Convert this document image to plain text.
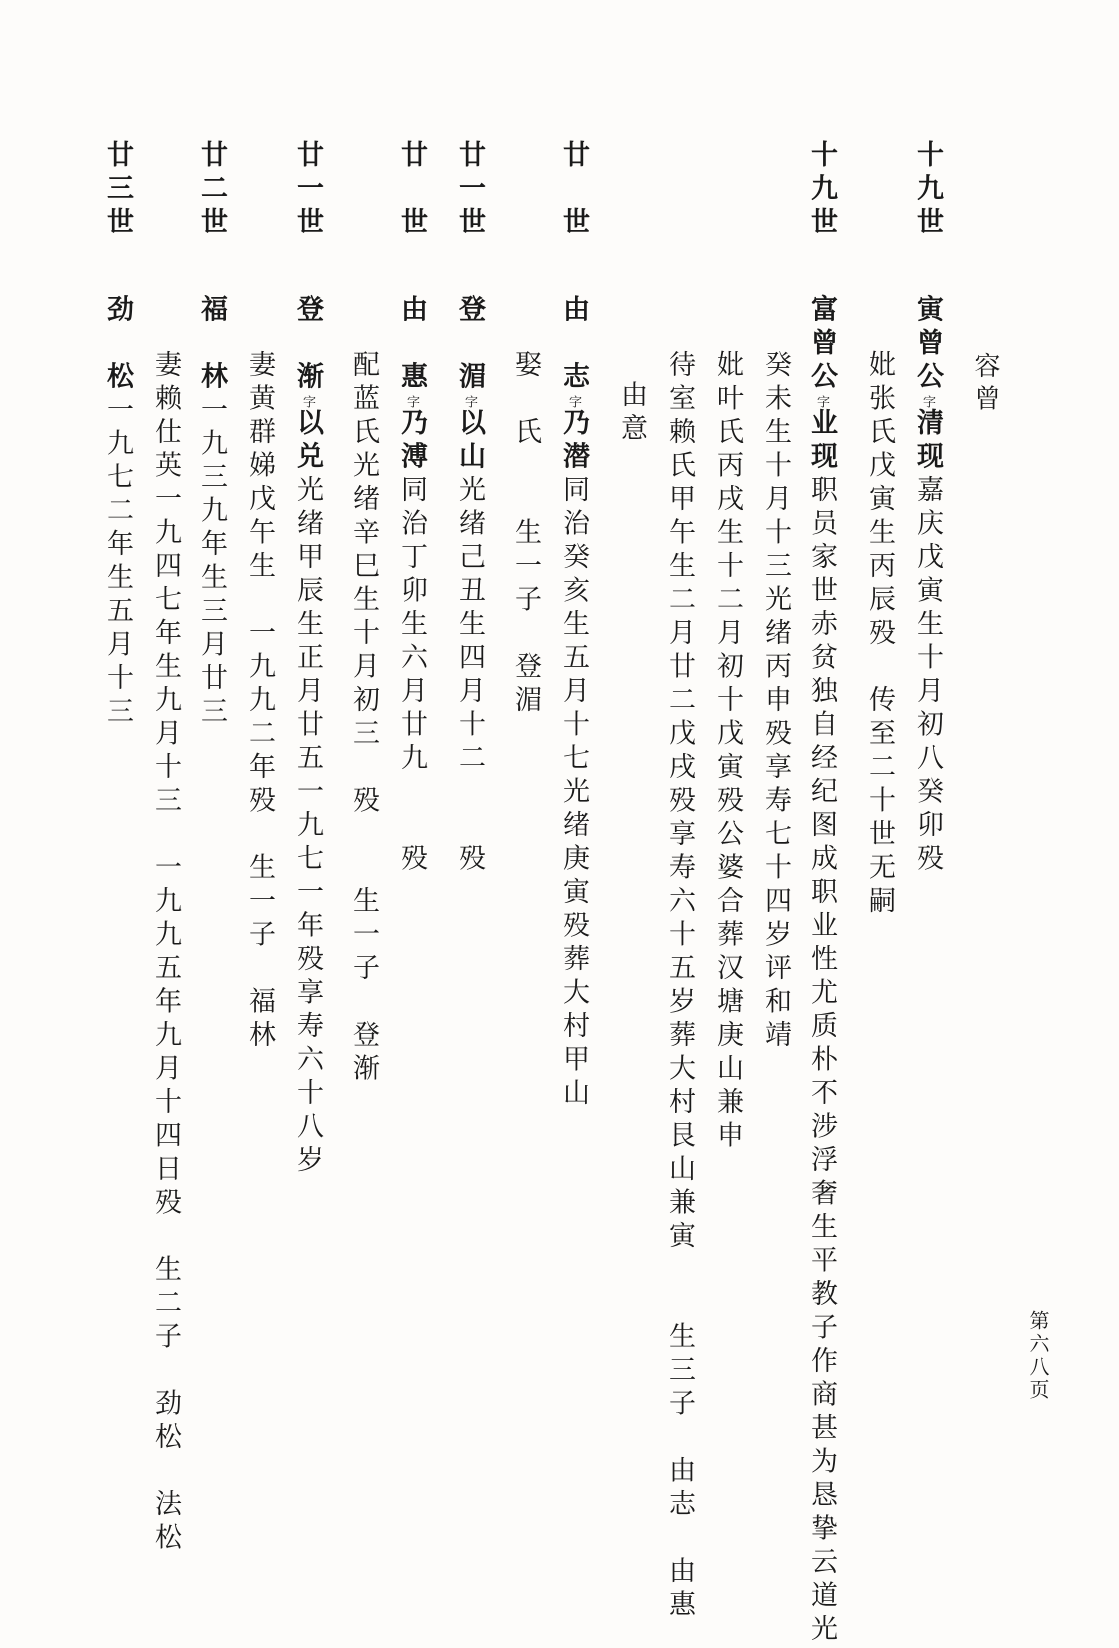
容曾
十九世  寅曾公字清现嘉庆戊寅生十月初八癸卯殁
妣张氏戊寅生丙辰殁　传至二十世无嗣
十九世  富曾公字业现职员家世赤贫独自经纪图成职业性尤质朴不涉浮奢生平教子作商甚为恳挚云道光
癸未生十月十三光绪丙申殁享寿七十四岁评和靖
妣叶氏丙戌生十二月初十戊寅殁公婆合葬汉塘庚山兼申
待室赖氏甲午生二月廿二戊戌殁享寿六十五岁葬大村艮山兼寅　　生三子　由志　由惠
由意
廿　世  由　志字乃潜同治癸亥生五月十七光绪庚寅殁葬大村甲山
娶　氏　　生一子　登湄
廿一世  登　湄字以山光绪己丑生四月十二　　殁
廿　世  由　惠字乃溥同治丁卯生六月廿九　　殁
配蓝氏光绪辛巳生十月初三　殁　　生一子　登渐
廿一世  登　渐字以兑光绪甲辰生正月廿五一九七一年殁享寿六十八岁
妻黄群娣戊午生　一九九二年殁　生一子　福林
廿二世  福　林一九三九年生三月廿三
妻赖仕英一九四七年生九月十三　一九九五年九月十四日殁　生二子　劲松　法松
廿三世  劲　松一九七二年生五月十三
第六八页
